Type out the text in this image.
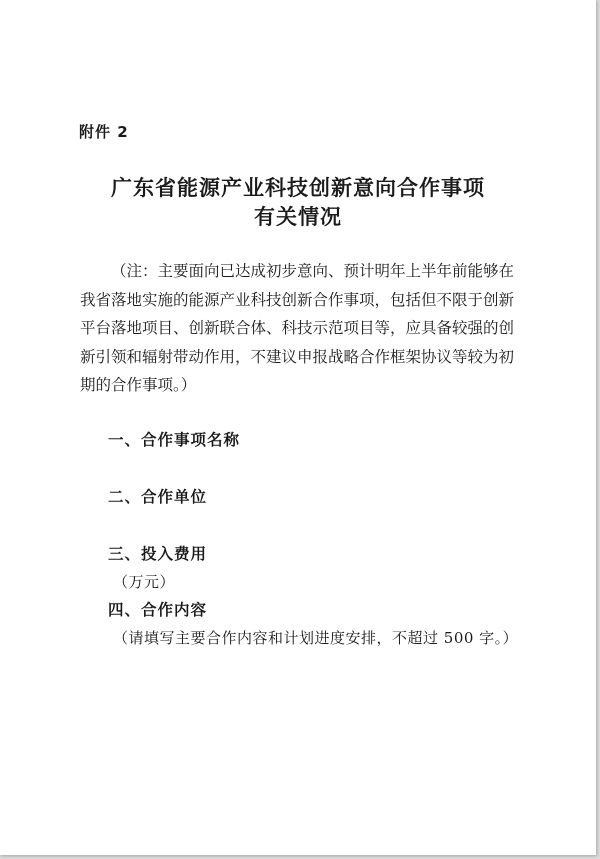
附件 2
广东省能源产业科技创新意向合作事项
有关情况

（注：主要面向已达成初步意向、预计明年上半年前能够在

我省落地实施的能源产业科技创新合作事项，包括但不限于创新

平台落地项目、创新联合体、科技示范项目等，应具备较强的创

新引领和辐射带动作用，不建议申报战略合作框架协议等较为初

期的合作事项。）

一、合作事项名称
二、合作单位
三、投入费用
（万元）
四、合作内容
（请填写主要合作内容和计划进度安排，不超过 500 字。）
